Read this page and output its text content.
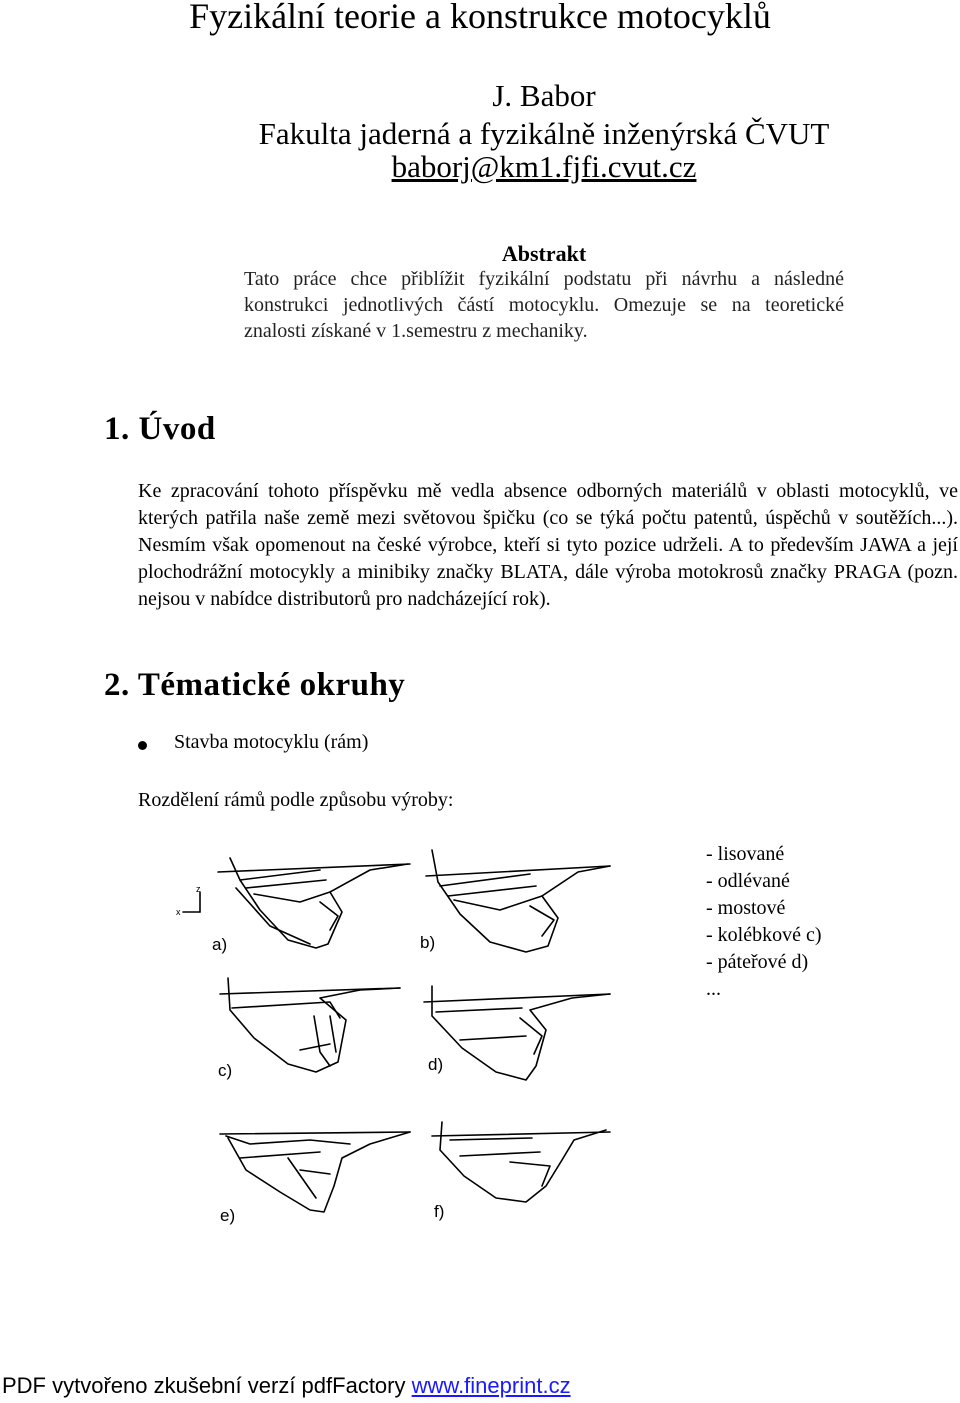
Fyzikální teorie a konstrukce motocyklů
J. Babor
Fakulta jaderná a fyzikálně inženýrská ČVUT
baborj@km1.fjfi.cvut.cz
Abstrakt
Tato práce chce přiblížit fyzikální podstatu při návrhu a následné konstrukci jednotlivých částí motocyklu. Omezuje se na teoretické znalosti získané v 1.semestru z mechaniky.
1. Úvod
Ke zpracování tohoto příspěvku mě vedla absence odborných materiálů v oblasti motocyklů, ve kterých patřila naše země mezi světovou špičku (co se týká počtu patentů, úspěchů v soutěžích...). Nesmím však opomenout na české výrobce, kteří si tyto pozice udrželi. A to především JAWA a její plochodrážní motocykly a minibiky značky BLATA, dále výroba motokrosů značky PRAGA (pozn. nejsou v nabídce distributorů pro nadcházející rok).
2. Tématické okruhy
Stavba motocyklu (rám)
Rozdělení rámů podle způsobu výroby:
- lisované
- odlévané
- mostové
- kolébkové c)
- páteřové d)
...
z
x
a)	b)
c)	d)
e)	f)
PDF vytvořeno zkušební verzí pdfFactory www.fineprint.cz
